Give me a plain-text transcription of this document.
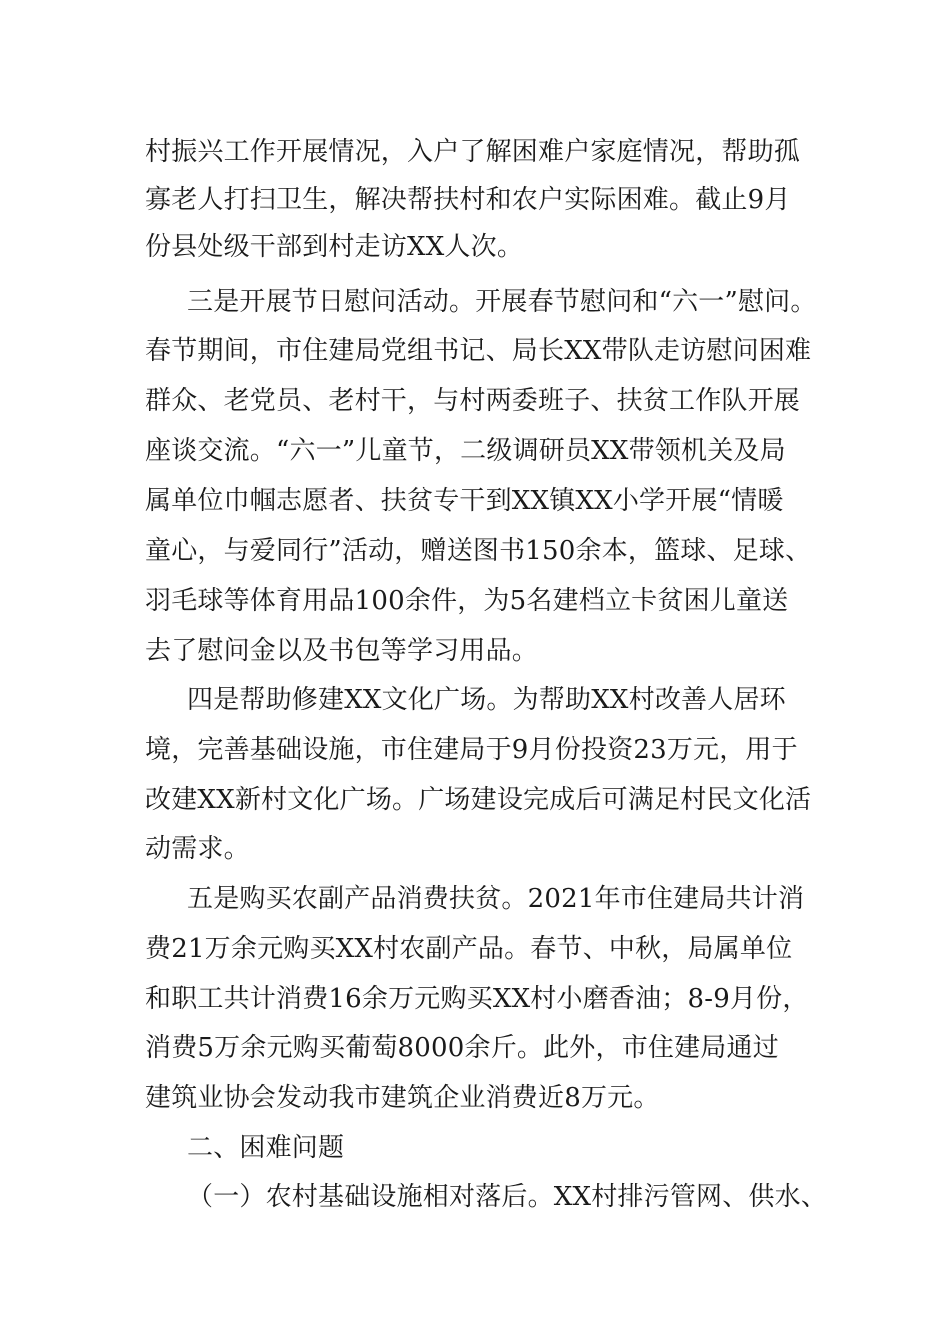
村振兴工作开展情况，入户了解困难户家庭情况，帮助孤
寡老人打扫卫生，解决帮扶村和农户实际困难。截止9月
份县处级干部到村走访XX人次。
三是开展节日慰问活动。开展春节慰问和“六一”慰问。
春节期间，市住建局党组书记、局长XX带队走访慰问困难
群众、老党员、老村干，与村两委班子、扶贫工作队开展
座谈交流。“六一”儿童节，二级调研员XX带领机关及局
属单位巾帼志愿者、扶贫专干到XX镇XX小学开展“情暖
童心，与爱同行”活动，赠送图书150余本，篮球、足球、
羽毛球等体育用品100余件，为5名建档立卡贫困儿童送
去了慰问金以及书包等学习用品。
四是帮助修建XX文化广场。为帮助XX村改善人居环
境，完善基础设施，市住建局于9月份投资23万元，用于
改建XX新村文化广场。广场建设完成后可满足村民文化活
动需求。
五是购买农副产品消费扶贫。2021年市住建局共计消
费21万余元购买XX村农副产品。春节、中秋，局属单位
和职工共计消费16余万元购买XX村小磨香油；8-9月份，
消费5万余元购买葡萄8000余斤。此外，市住建局通过
建筑业协会发动我市建筑企业消费近8万元。
二、困难问题
（一）农村基础设施相对落后。XX村排污管网、供水、
